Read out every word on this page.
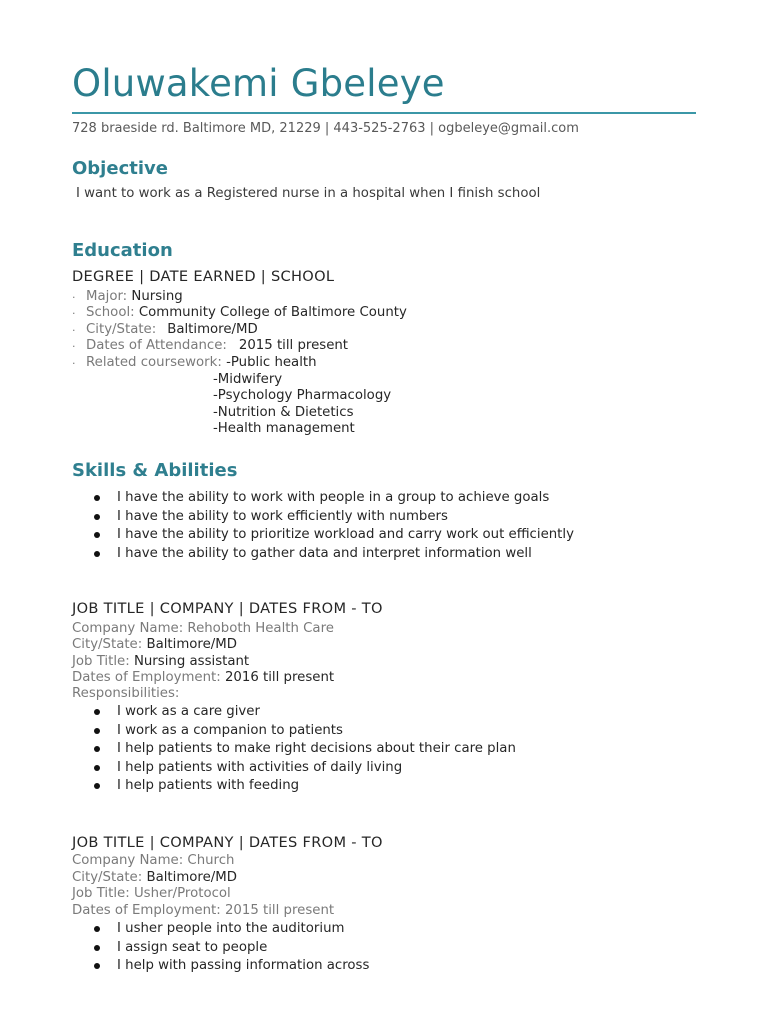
Oluwakemi Gbeleye
728 braeside rd. Baltimore MD, 21229 | 443-525-2763 | ogbeleye@gmail.com
Objective
I want to work as a Registered nurse in a hospital when I finish school
Education
DEGREE | DATE EARNED | SCHOOL
· Major: Nursing
· School: Community College of Baltimore County
· City/State: Baltimore/MD
· Dates of Attendance: 2015 till present
· Related coursework: -Public health
-Midwifery
-Psychology Pharmacology
-Nutrition & Dietetics
-Health management
Skills & Abilities
I have the ability to work with people in a group to achieve goals
I have the ability to work efficiently with numbers
I have the ability to prioritize workload and carry work out efficiently
I have the ability to gather data and interpret information well
JOB TITLE | COMPANY | DATES FROM - TO
Company Name: Rehoboth Health Care
City/State: Baltimore/MD
Job Title: Nursing assistant
Dates of Employment: 2016 till present
Responsibilities:
I work as a care giver
I work as a companion to patients
I help patients to make right decisions about their care plan
I help patients with activities of daily living
I help patients with feeding
JOB TITLE | COMPANY | DATES FROM - TO
Company Name: Church
City/State: Baltimore/MD
Job Title: Usher/Protocol
Dates of Employment: 2015 till present
I usher people into the auditorium
I assign seat to people
I help with passing information across
